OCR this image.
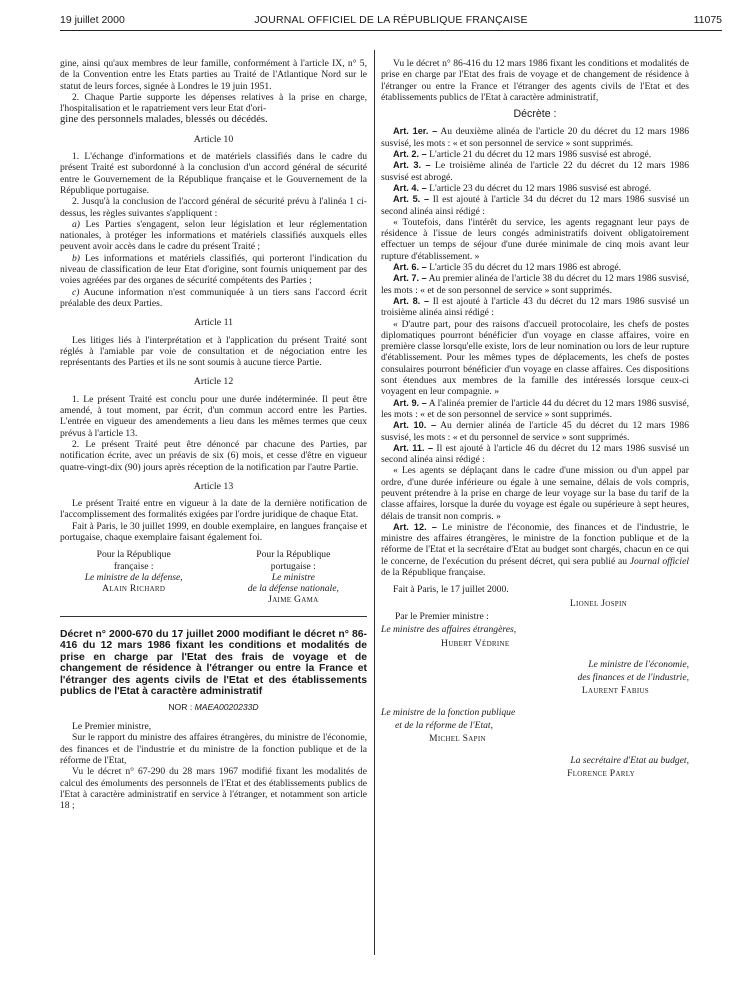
19 juillet 2000	JOURNAL OFFICIEL DE LA RÉPUBLIQUE FRANÇAISE	11075

gine, ainsi qu'aux membres de leur famille, conformément à l'article IX, n° 5, de la Convention entre les Etats parties au Traité de l'Atlantique Nord sur le statut de leurs forces, signée à Londres le 19 juin 1951.

2. Chaque Partie supporte les dépenses relatives à la prise en charge, l'hospitalisation et le rapatriement vers leur Etat d'ori-

gine des personnels malades, blessés ou décédés.

Article 10

1. L'échange d'informations et de matériels classifiés dans le cadre du présent Traité est subordonné à la conclusion d'un accord général de sécurité entre le Gouvernement de la République française et le Gouvernement de la République portugaise.

2. Jusqu'à la conclusion de l'accord général de sécurité prévu à l'alinéa 1 ci-dessus, les règles suivantes s'appliquent :

a) Les Parties s'engagent, selon leur législation et leur réglementation nationales, à protéger les informations et matériels classifiés auxquels elles peuvent avoir accès dans le cadre du présent Traité ;

b) Les informations et matériels classifiés, qui porteront l'indication du niveau de classification de leur Etat d'origine, sont fournis uniquement par des voies agréées par des organes de sécurité compétents des Parties ;

c) Aucune information n'est communiquée à un tiers sans l'accord écrit préalable des deux Parties.

Article 11

Les litiges liés à l'interprétation et à l'application du présent Traité sont réglés à l'amiable par voie de consultation et de négociation entre les représentants des Parties et ils ne sont soumis à aucune tierce Partie.

Article 12

1. Le présent Traité est conclu pour une durée indéterminée. Il peut être amendé, à tout moment, par écrit, d'un commun accord entre les Parties. L'entrée en vigueur des amendements a lieu dans les mêmes termes que ceux prévus à l'article 13.

2. Le présent Traité peut être dénoncé par chacune des Parties, par notification écrite, avec un préavis de six (6) mois, et cesse d'être en vigueur quatre-vingt-dix (90) jours après réception de la notification par l'autre Partie.

Article 13

Le présent Traité entre en vigueur à la date de la dernière notification de l'accomplissement des formalités exigées par l'ordre juridique de chaque Etat.

Fait à Paris, le 30 juillet 1999, en double exemplaire, en langues française et portugaise, chaque exemplaire faisant également foi.

Pour la République
française :
Le ministre de la défense,
Alain Richard
Pour la République
portugaise :
Le ministre
de la défense nationale,
Jaime Gama
Décret n° 2000-670 du 17 juillet 2000 modifiant le décret n° 86-416 du 12 mars 1986 fixant les conditions et modalités de prise en charge par l'Etat des frais de voyage et de changement de résidence à l'étranger ou entre la France et l'étranger des agents civils de l'Etat et des établissements publics de l'Etat à caractère administratif
NOR : MAEA0020233D

Le Premier ministre,

Sur le rapport du ministre des affaires étrangères, du ministre de l'économie, des finances et de l'industrie et du ministre de la fonction publique et de la réforme de l'Etat,

Vu le décret n° 67-290 du 28 mars 1967 modifié fixant les modalités de calcul des émoluments des personnels de l'Etat et des établissements publics de l'Etat à caractère administratif en service à l'étranger, et notamment son article 18 ;

Vu le décret n° 86-416 du 12 mars 1986 fixant les conditions et modalités de prise en charge par l'Etat des frais de voyage et de changement de résidence à l'étranger ou entre la France et l'étranger des agents civils de l'Etat et des établissements publics de l'Etat à caractère administratif,

Décrète :

Art. 1er. – Au deuxième alinéa de l'article 20 du décret du 12 mars 1986 susvisé, les mots : « et son personnel de service » sont supprimés.

Art. 2. – L'article 21 du décret du 12 mars 1986 susvisé est abrogé.

Art. 3. – Le troisième alinéa de l'article 22 du décret du 12 mars 1986 susvisé est abrogé.

Art. 4. – L'article 23 du décret du 12 mars 1986 susvisé est abrogé.

Art. 5. – Il est ajouté à l'article 34 du décret du 12 mars 1986 susvisé un second alinéa ainsi rédigé :

« Toutefois, dans l'intérêt du service, les agents regagnant leur pays de résidence à l'issue de leurs congés administratifs doivent obligatoirement effectuer un temps de séjour d'une durée minimale de cinq mois avant leur rupture d'établissement. »

Art. 6. – L'article 35 du décret du 12 mars 1986 est abrogé.

Art. 7. – Au premier alinéa de l'article 38 du décret du 12 mars 1986 susvisé, les mots : « et de son personnel de service » sont supprimés.

Art. 8. – Il est ajouté à l'article 43 du décret du 12 mars 1986 susvisé un troisième alinéa ainsi rédigé :

« D'autre part, pour des raisons d'accueil protocolaire, les chefs de postes diplomatiques pourront bénéficier d'un voyage en classe affaires, voire en première classe lorsqu'elle existe, lors de leur nomination ou lors de leur rupture d'établissement. Pour les mêmes types de déplacements, les chefs de postes consulaires pourront bénéficier d'un voyage en classe affaires. Ces dispositions sont étendues aux membres de la famille des intéressés lorsque ceux-ci voyagent en leur compagnie. »

Art. 9. – A l'alinéa premier de l'article 44 du décret du 12 mars 1986 susvisé, les mots : « et de son personnel de service » sont supprimés.

Art. 10. – Au dernier alinéa de l'article 45 du décret du 12 mars 1986 susvisé, les mots : « et du personnel de service » sont supprimés.

Art. 11. – Il est ajouté à l'article 46 du décret du 12 mars 1986 susvisé un second alinéa ainsi rédigé :

« Les agents se déplaçant dans le cadre d'une mission ou d'un appel par ordre, d'une durée inférieure ou égale à une semaine, délais de vols compris, peuvent prétendre à la prise en charge de leur voyage sur la base du tarif de la classe affaires, lorsque la durée du voyage est égale ou supérieure à sept heures, délais de transit non compris. »

Art. 12. – Le ministre de l'économie, des finances et de l'industrie, le ministre des affaires étrangères, le ministre de la fonction publique et de la réforme de l'Etat et la secrétaire d'Etat au budget sont chargés, chacun en ce qui le concerne, de l'exécution du présent décret, qui sera publié au Journal officiel de la République française.

Fait à Paris, le 17 juillet 2000.

Lionel Jospin
Par le Premier ministre :
Le ministre des affaires étrangères,
Hubert Védrine
Le ministre de l'économie,
des finances et de l'industrie,
Laurent Fabius
Le ministre de la fonction publique
et de la réforme de l'Etat,
Michel Sapin
La secrétaire d'Etat au budget,
Florence Parly
